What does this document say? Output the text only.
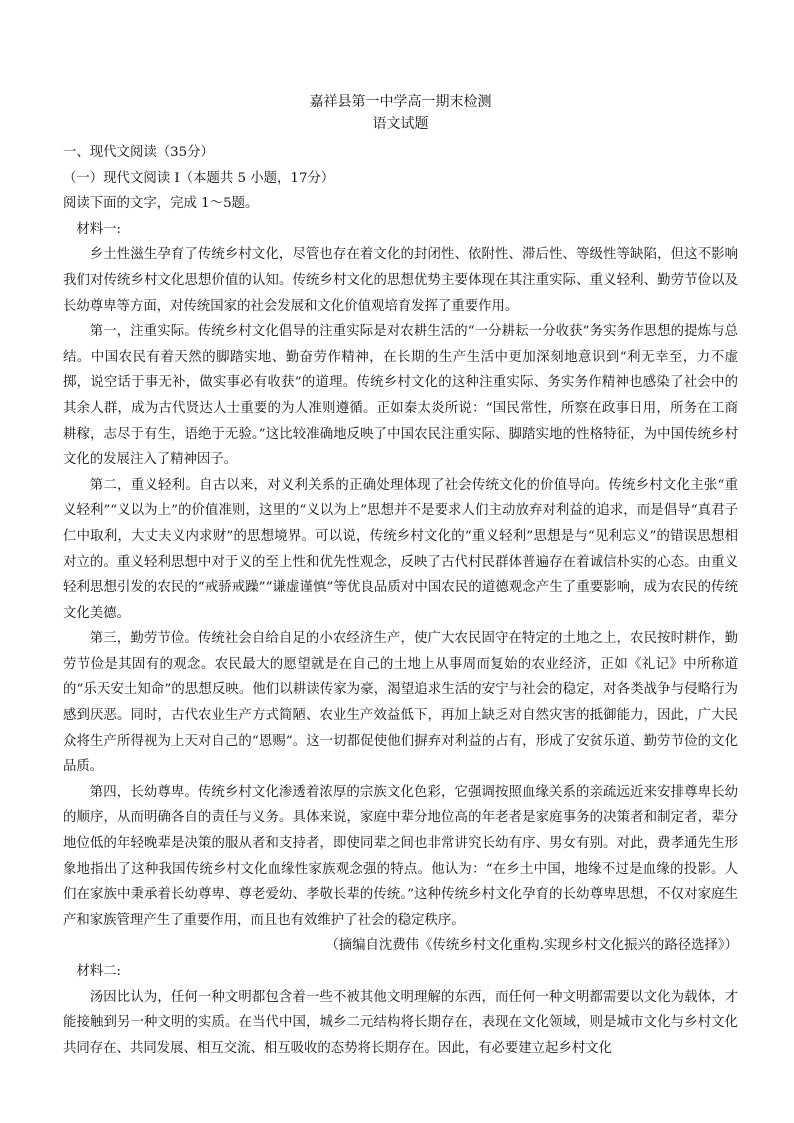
嘉祥县第一中学高一期末检测

语文试题

一、现代文阅读（35分）

（一）现代文阅读 I（本题共 5 小题，17分）

阅读下面的文字，完成 1～5题。

材料一:

乡土性滋生孕育了传统乡村文化，尽管也存在着文化的封闭性、依附性、滞后性、等级性等缺陷，但这不影响我们对传统乡村文化思想价值的认知。传统乡村文化的思想优势主要体现在其注重实际、重义轻利、勤劳节俭以及长幼尊卑等方面，对传统国家的社会发展和文化价值观培育发挥了重要作用。

第一，注重实际。传统乡村文化倡导的注重实际是对农耕生活的“一分耕耘一分收获”务实务作思想的提炼与总结。中国农民有着天然的脚踏实地、勤奋劳作精神，在长期的生产生活中更加深刻地意识到“利无幸至，力不虚掷，说空话于事无补，做实事必有收获”的道理。传统乡村文化的这种注重实际、务实务作精神也感染了社会中的其余人群，成为古代贤达人士重要的为人准则遵循。正如秦太炎所说：“国民常性，所察在政事日用，所务在工商耕稼，志尽于有生，语绝于无验。”这比较准确地反映了中国农民注重实际、脚踏实地的性格特征，为中国传统乡村文化的发展注入了精神因子。

第二，重义轻利。自古以来，对义利关系的正确处理体现了社会传统文化的价值导向。传统乡村文化主张“重义轻利”“义以为上”的价值准则，这里的“义以为上”思想并不是要求人们主动放弃对利益的追求，而是倡导“真君子仁中取利，大丈夫义内求财”的思想境界。可以说，传统乡村文化的“重义轻利”思想是与“见利忘义”的错误思想相对立的。重义轻利思想中对于义的至上性和优先性观念，反映了古代村民群体普遍存在着诚信朴实的心态。由重义轻利思想引发的农民的“戒骄戒躁”“谦虚谨慎”等优良品质对中国农民的道德观念产生了重要影响，成为农民的传统文化美德。

第三，勤劳节俭。传统社会自给自足的小农经济生产，使广大农民固守在特定的土地之上，农民按时耕作，勤劳节俭是其固有的观念。农民最大的愿望就是在自己的土地上从事周而复始的农业经济，正如《礼记》中所称道的“乐天安土知命”的思想反映。他们以耕读传家为豪，渴望追求生活的安宁与社会的稳定，对各类战争与侵略行为感到厌恶。同时，古代农业生产方式简陋、农业生产效益低下，再加上缺乏对自然灾害的抵御能力，因此，广大民众将生产所得视为上天对自己的“恩赐”。这一切都促使他们摒弃对利益的占有，形成了安贫乐道、勤劳节俭的文化品质。

第四，长幼尊卑。传统乡村文化渗透着浓厚的宗族文化色彩，它强调按照血缘关系的亲疏远近来安排尊卑长幼的顺序，从而明确各自的责任与义务。具体来说，家庭中辈分地位高的年老者是家庭事务的决策者和制定者，辈分地位低的年轻晚辈是决策的服从者和支持者，即使同辈之间也非常讲究长幼有序、男女有别。对此，费孝通先生形象地指出了这种我国传统乡村文化血缘性家族观念强的特点。他认为：“在乡土中国，地缘不过是血缘的投影。人们在家族中秉承着长幼尊卑、尊老爱幼、孝敬长辈的传统。”这种传统乡村文化孕育的长幼尊卑思想，不仅对家庭生产和家族管理产生了重要作用，而且也有效维护了社会的稳定秩序。

（摘编自沈费伟《传统乡村文化重构.实现乡村文化振兴的路径选择》）

材料二:

汤因比认为，任何一种文明都包含着一些不被其他文明理解的东西，而任何一种文明都需要以文化为载体，才能接触到另一种文明的实质。在当代中国，城乡二元结构将长期存在，表现在文化领域，则是城市文化与乡村文化共同存在、共同发展、相互交流、相互吸收的态势将长期存在。因此，有必要建立起乡村文化
